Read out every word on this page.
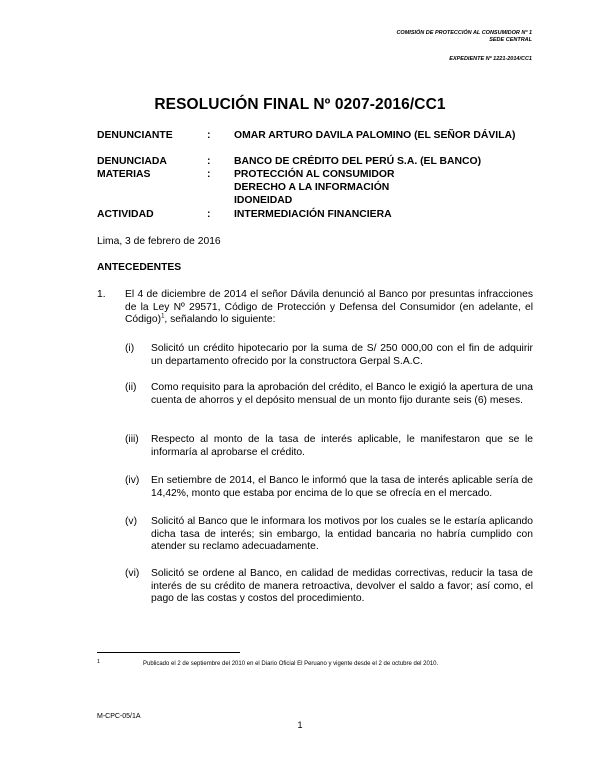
COMISIÓN DE PROTECCIÓN AL CONSUMIDOR Nº 1
SEDE CENTRAL
EXPEDIENTE Nº 1221-2014/CC1
RESOLUCIÓN FINAL Nº 0207-2016/CC1
DENUNCIANTE	: OMAR ARTURO DAVILA PALOMINO (EL SEÑOR DÁVILA)
DENUNCIADA	: BANCO DE CRÉDITO DEL PERÚ S.A. (EL BANCO)
MATERIAS	: PROTECCIÓN AL CONSUMIDOR
DERECHO A LA INFORMACIÓN
IDONEIDAD
ACTIVIDAD	: INTERMEDIACIÓN FINANCIERA
Lima, 3 de febrero de 2016
ANTECEDENTES
1. El 4 de diciembre de 2014 el señor Dávila denunció al Banco por presuntas infracciones de la Ley Nº 29571, Código de Protección y Defensa del Consumidor (en adelante, el Código)$^1$, señalando lo siguiente:
(i) Solicitó un crédito hipotecario por la suma de S/ 250 000,00 con el fin de adquirir un departamento ofrecido por la constructora Gerpal S.A.C.
(ii) Como requisito para la aprobación del crédito, el Banco le exigió la apertura de una cuenta de ahorros y el depósito mensual de un monto fijo durante seis (6) meses.
(iii) Respecto al monto de la tasa de interés aplicable, le manifestaron que se le informaría al aprobarse el crédito.
(iv) En setiembre de 2014, el Banco le informó que la tasa de interés aplicable sería de 14,42%, monto que estaba por encima de lo que se ofrecía en el mercado.
(v) Solicitó al Banco que le informara los motivos por los cuales se le estaría aplicando dicha tasa de interés; sin embargo, la entidad bancaria no habría cumplido con atender su reclamo adecuadamente.
(vi) Solicitó se ordene al Banco, en calidad de medidas correctivas, reducir la tasa de interés de su crédito de manera retroactiva, devolver el saldo a favor; así como, el pago de las costas y costos del procedimiento.
1	Publicado el 2 de septiembre del 2010 en el Diario Oficial El Peruano y vigente desde el 2 de octubre del 2010.
M-CPC-05/1A
1
